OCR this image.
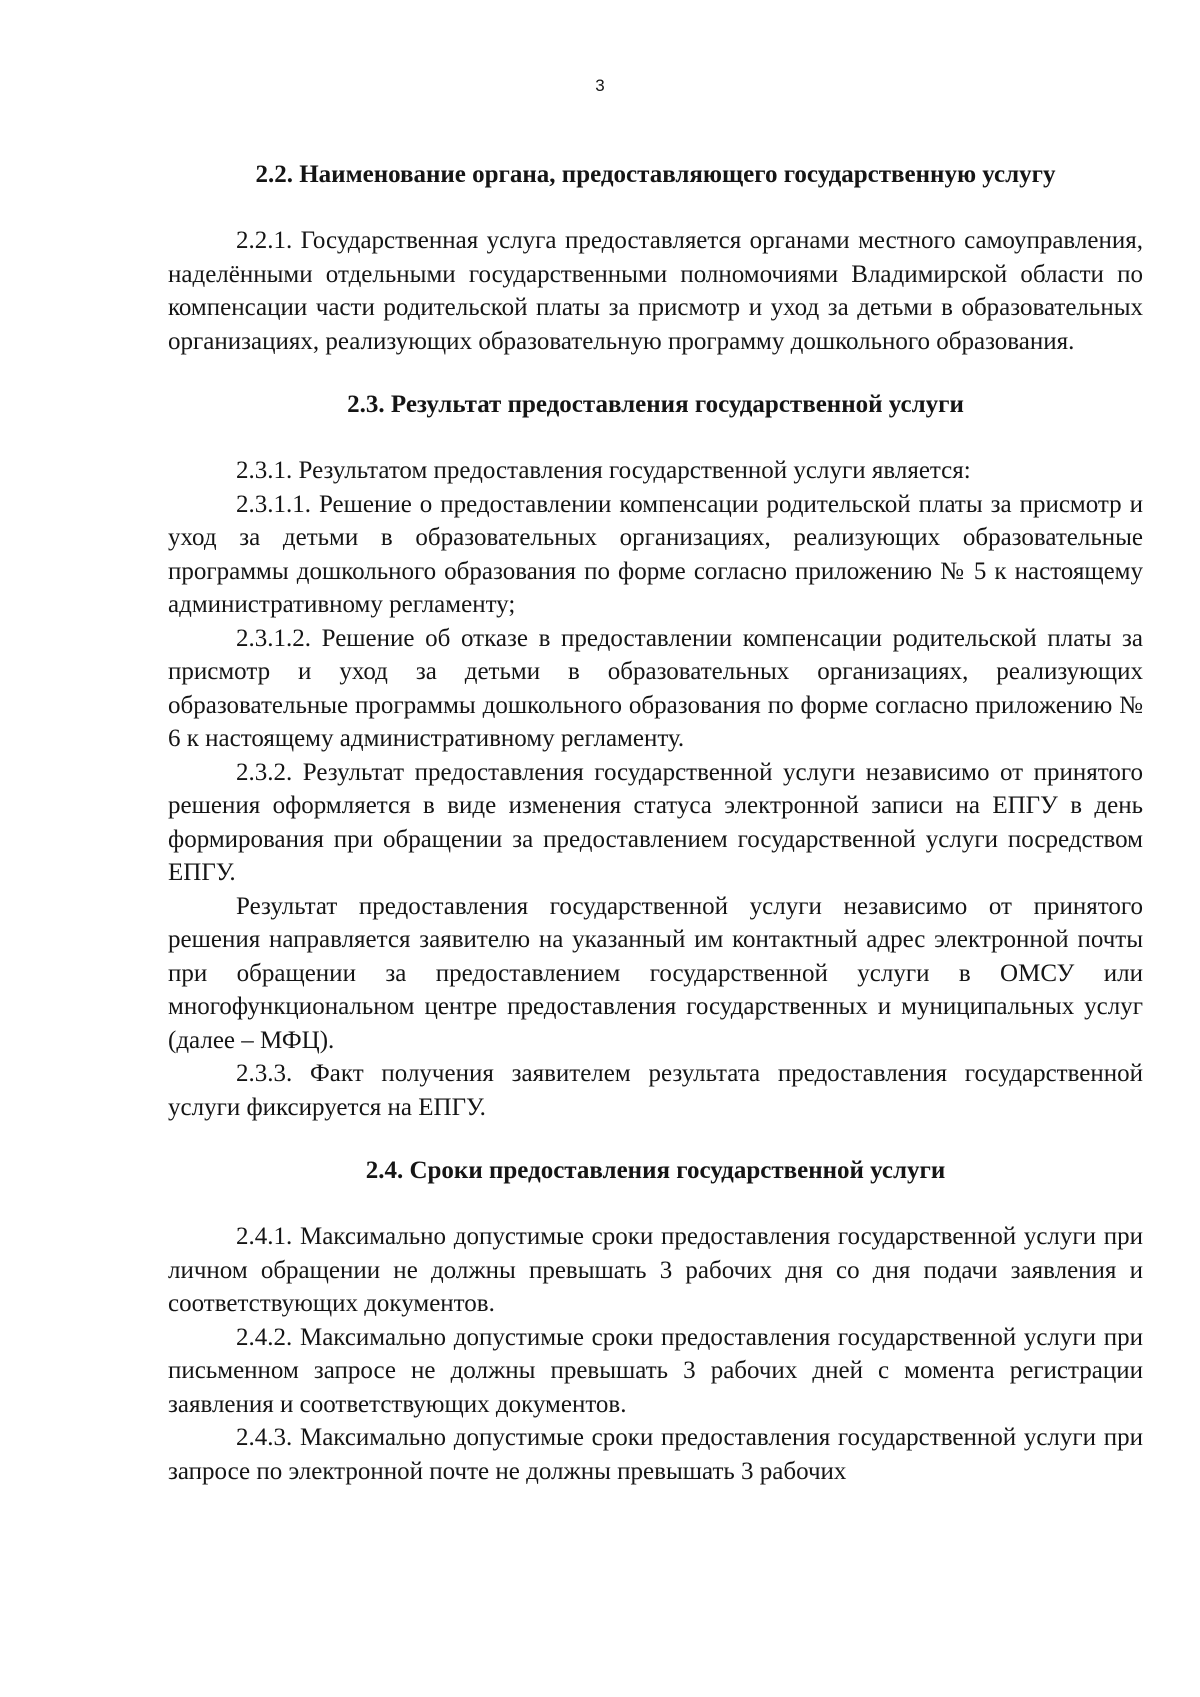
3
2.2. Наименование органа, предоставляющего государственную услугу

2.2.1. Государственная услуга предоставляется органами местного самоуправления, наделёнными отдельными государственными полномочиями Владимирской области по компенсации части родительской платы за присмотр и уход за детьми в образовательных организациях, реализующих образовательную программу дошкольного образования.

2.3. Результат предоставления государственной услуги

2.3.1. Результатом предоставления государственной услуги является:

2.3.1.1. Решение о предоставлении компенсации родительской платы за присмотр и уход за детьми в образовательных организациях, реализующих образовательные программы дошкольного образования по форме согласно приложению № 5 к настоящему административному регламенту;

2.3.1.2. Решение об отказе в предоставлении компенсации родительской платы за присмотр и уход за детьми в образовательных организациях, реализующих образовательные программы дошкольного образования по форме согласно приложению № 6 к настоящему административному регламенту.

2.3.2. Результат предоставления государственной услуги независимо от принятого решения оформляется в виде изменения статуса электронной записи на ЕПГУ в день формирования при обращении за предоставлением государственной услуги посредством ЕПГУ.

Результат предоставления государственной услуги независимо от принятого решения направляется заявителю на указанный им контактный адрес электронной почты при обращении за предоставлением государственной услуги в ОМСУ или многофункциональном центре предоставления государственных и муниципальных услуг (далее – МФЦ).

2.3.3. Факт получения заявителем результата предоставления государственной услуги фиксируется на ЕПГУ.

2.4. Сроки предоставления государственной услуги

2.4.1. Максимально допустимые сроки предоставления государственной услуги при личном обращении не должны превышать 3 рабочих дня со дня подачи заявления и соответствующих документов.

2.4.2. Максимально допустимые сроки предоставления государственной услуги при письменном запросе не должны превышать 3 рабочих дней с момента регистрации заявления и соответствующих документов.

2.4.3. Максимально допустимые сроки предоставления государственной услуги при запросе по электронной почте не должны превышать 3 рабочих
